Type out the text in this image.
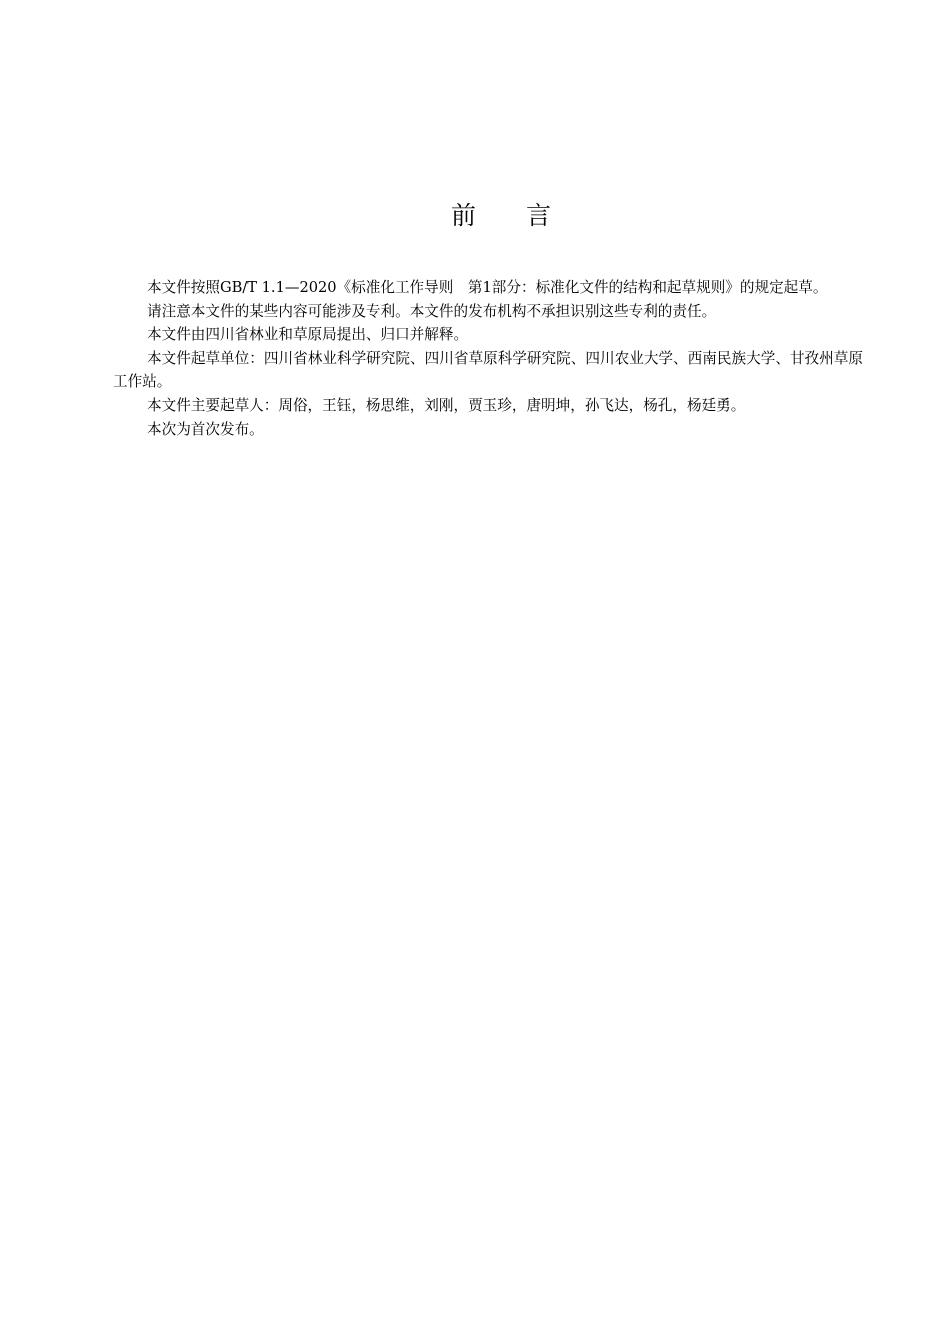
前 言

本文件按照GB/T 1.1—2020《标准化工作导则　第1部分：标准化文件的结构和起草规则》的规定起草。

请注意本文件的某些内容可能涉及专利。本文件的发布机构不承担识别这些专利的责任。

本文件由四川省林业和草原局提出、归口并解释。

本文件起草单位：四川省林业科学研究院、四川省草原科学研究院、四川农业大学、西南民族大学、甘孜州草原工作站。

本文件主要起草人：周俗，王钰，杨思维，刘刚，贾玉珍，唐明坤，孙飞达，杨孔，杨廷勇。

本次为首次发布。
